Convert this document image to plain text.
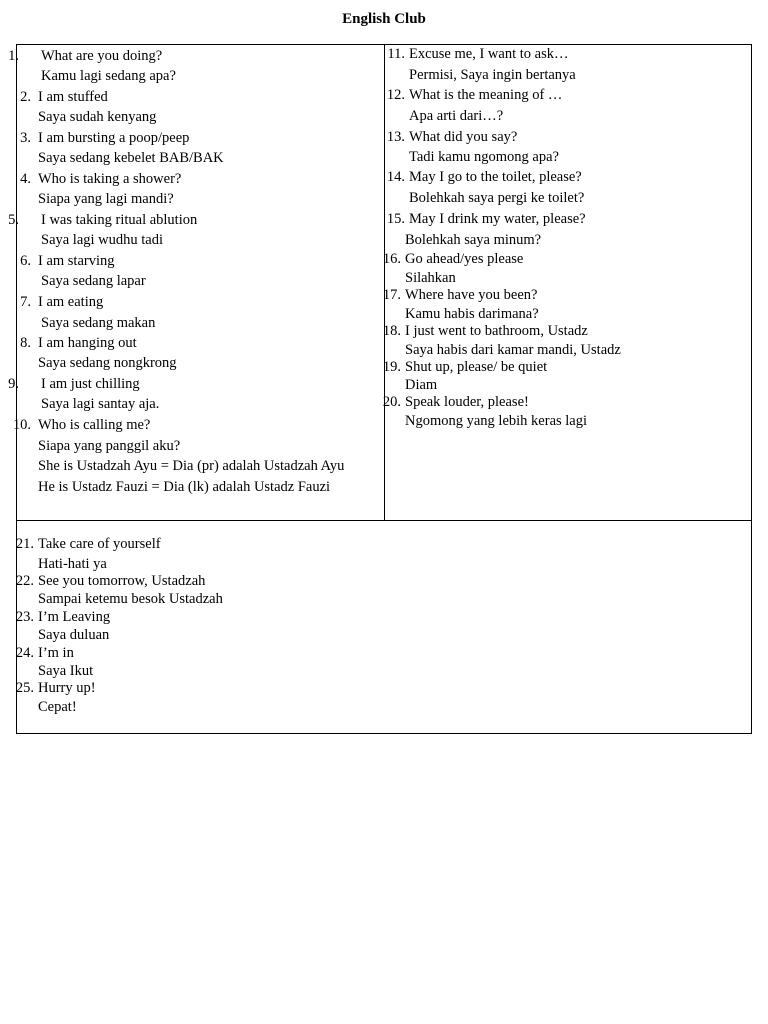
English Club
1. What are you doing?
Kamu lagi sedang apa?
2. I am stuffed
Saya sudah kenyang
3. I am bursting a poop/peep
Saya sedang kebelet BAB/BAK
4. Who is taking a shower?
Siapa yang lagi mandi?
5. I was taking ritual ablution
Saya lagi wudhu tadi
6. I am starving
Saya sedang lapar
7. I am eating
Saya sedang makan
8. I am hanging out
Saya sedang nongkrong
9. I am just chilling
Saya lagi santay aja.
10. Who is calling me?
Siapa yang panggil aku?
She is Ustadzah Ayu = Dia (pr) adalah Ustadzah Ayu
He is Ustadz Fauzi = Dia (lk) adalah Ustadz Fauzi
11. Excuse me, I want to ask…
Permisi, Saya ingin bertanya
12. What is the meaning of …
Apa arti dari…?
13. What did you say?
Tadi kamu ngomong apa?
14. May I go to the toilet, please?
Bolehkah saya pergi ke toilet?
15. May I drink my water, please?
Bolehkah saya minum?
16. Go ahead/yes please
Silahkan
17. Where have you been?
Kamu habis darimana?
18. I just went to bathroom, Ustadz
Saya habis dari kamar mandi, Ustadz
19. Shut up, please/ be quiet
Diam
20. Speak louder, please!
Ngomong yang lebih keras lagi
21. Take care of yourself
Hati-hati ya
22. See you tomorrow, Ustadzah
Sampai ketemu besok Ustadzah
23. I’m Leaving
Saya duluan
24. I’m in
Saya Ikut
25. Hurry up!
Cepat!
